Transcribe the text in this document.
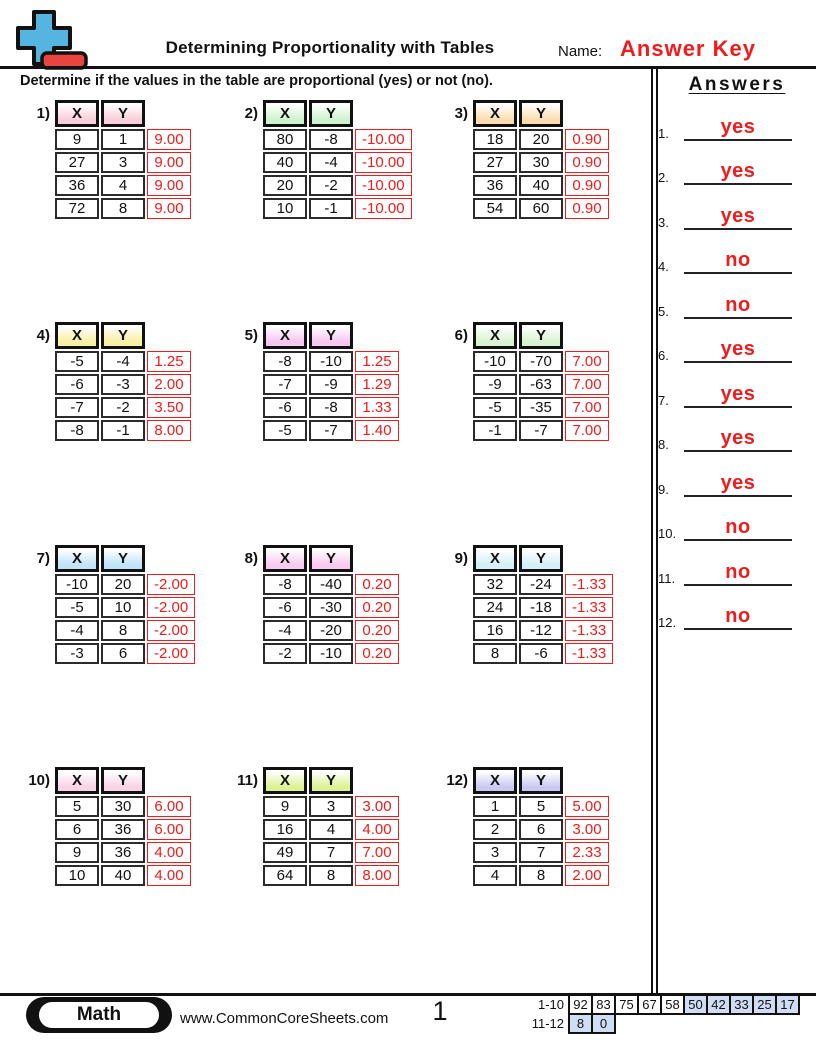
Determining Proportionality with Tables	Name: Answer Key
Determine if the values in the table are proportional (yes) or not (no).	Answers
1.	yes
2.	yes
3.	yes
4.	no
5.	no
6.	yes
7.	yes
8.	yes
9.	yes
10.	no
11.	no
12.	no
1)	X	Y
9	1	9.00
27	3	9.00
36	4	9.00
72	8	9.00
2)	X	Y
80	-8	-10.00
40	-4	-10.00
20	-2	-10.00
10	-1	-10.00
3)	X	Y
18	20	0.90
27	30	0.90
36	40	0.90
54	60	0.90
4)	X	Y
-5	-4	1.25
-6	-3	2.00
-7	-2	3.50
-8	-1	8.00
5)	X	Y
-8	-10	1.25
-7	-9	1.29
-6	-8	1.33
-5	-7	1.40
6)	X	Y
-10	-70	7.00
-9	-63	7.00
-5	-35	7.00
-1	-7	7.00
7)	X	Y
-10	20	-2.00
-5	10	-2.00
-4	8	-2.00
-3	6	-2.00
8)	X	Y
-8	-40	0.20
-6	-30	0.20
-4	-20	0.20
-2	-10	0.20
9)	X	Y
32	-24	-1.33
24	-18	-1.33
16	-12	-1.33
8	-6	-1.33
10)	X	Y
5	30	6.00
6	36	6.00
9	36	4.00
10	40	4.00
11)	X	Y
9	3	3.00
16	4	4.00
49	7	7.00
64	8	8.00
12)	X	Y
1	5	5.00
2	6	3.00
3	7	2.33
4	8	2.00
Math	www.CommonCoreSheets.com	1	1-10 92 83 75 67 58 50 42 33 25 17
11-12 8	0
